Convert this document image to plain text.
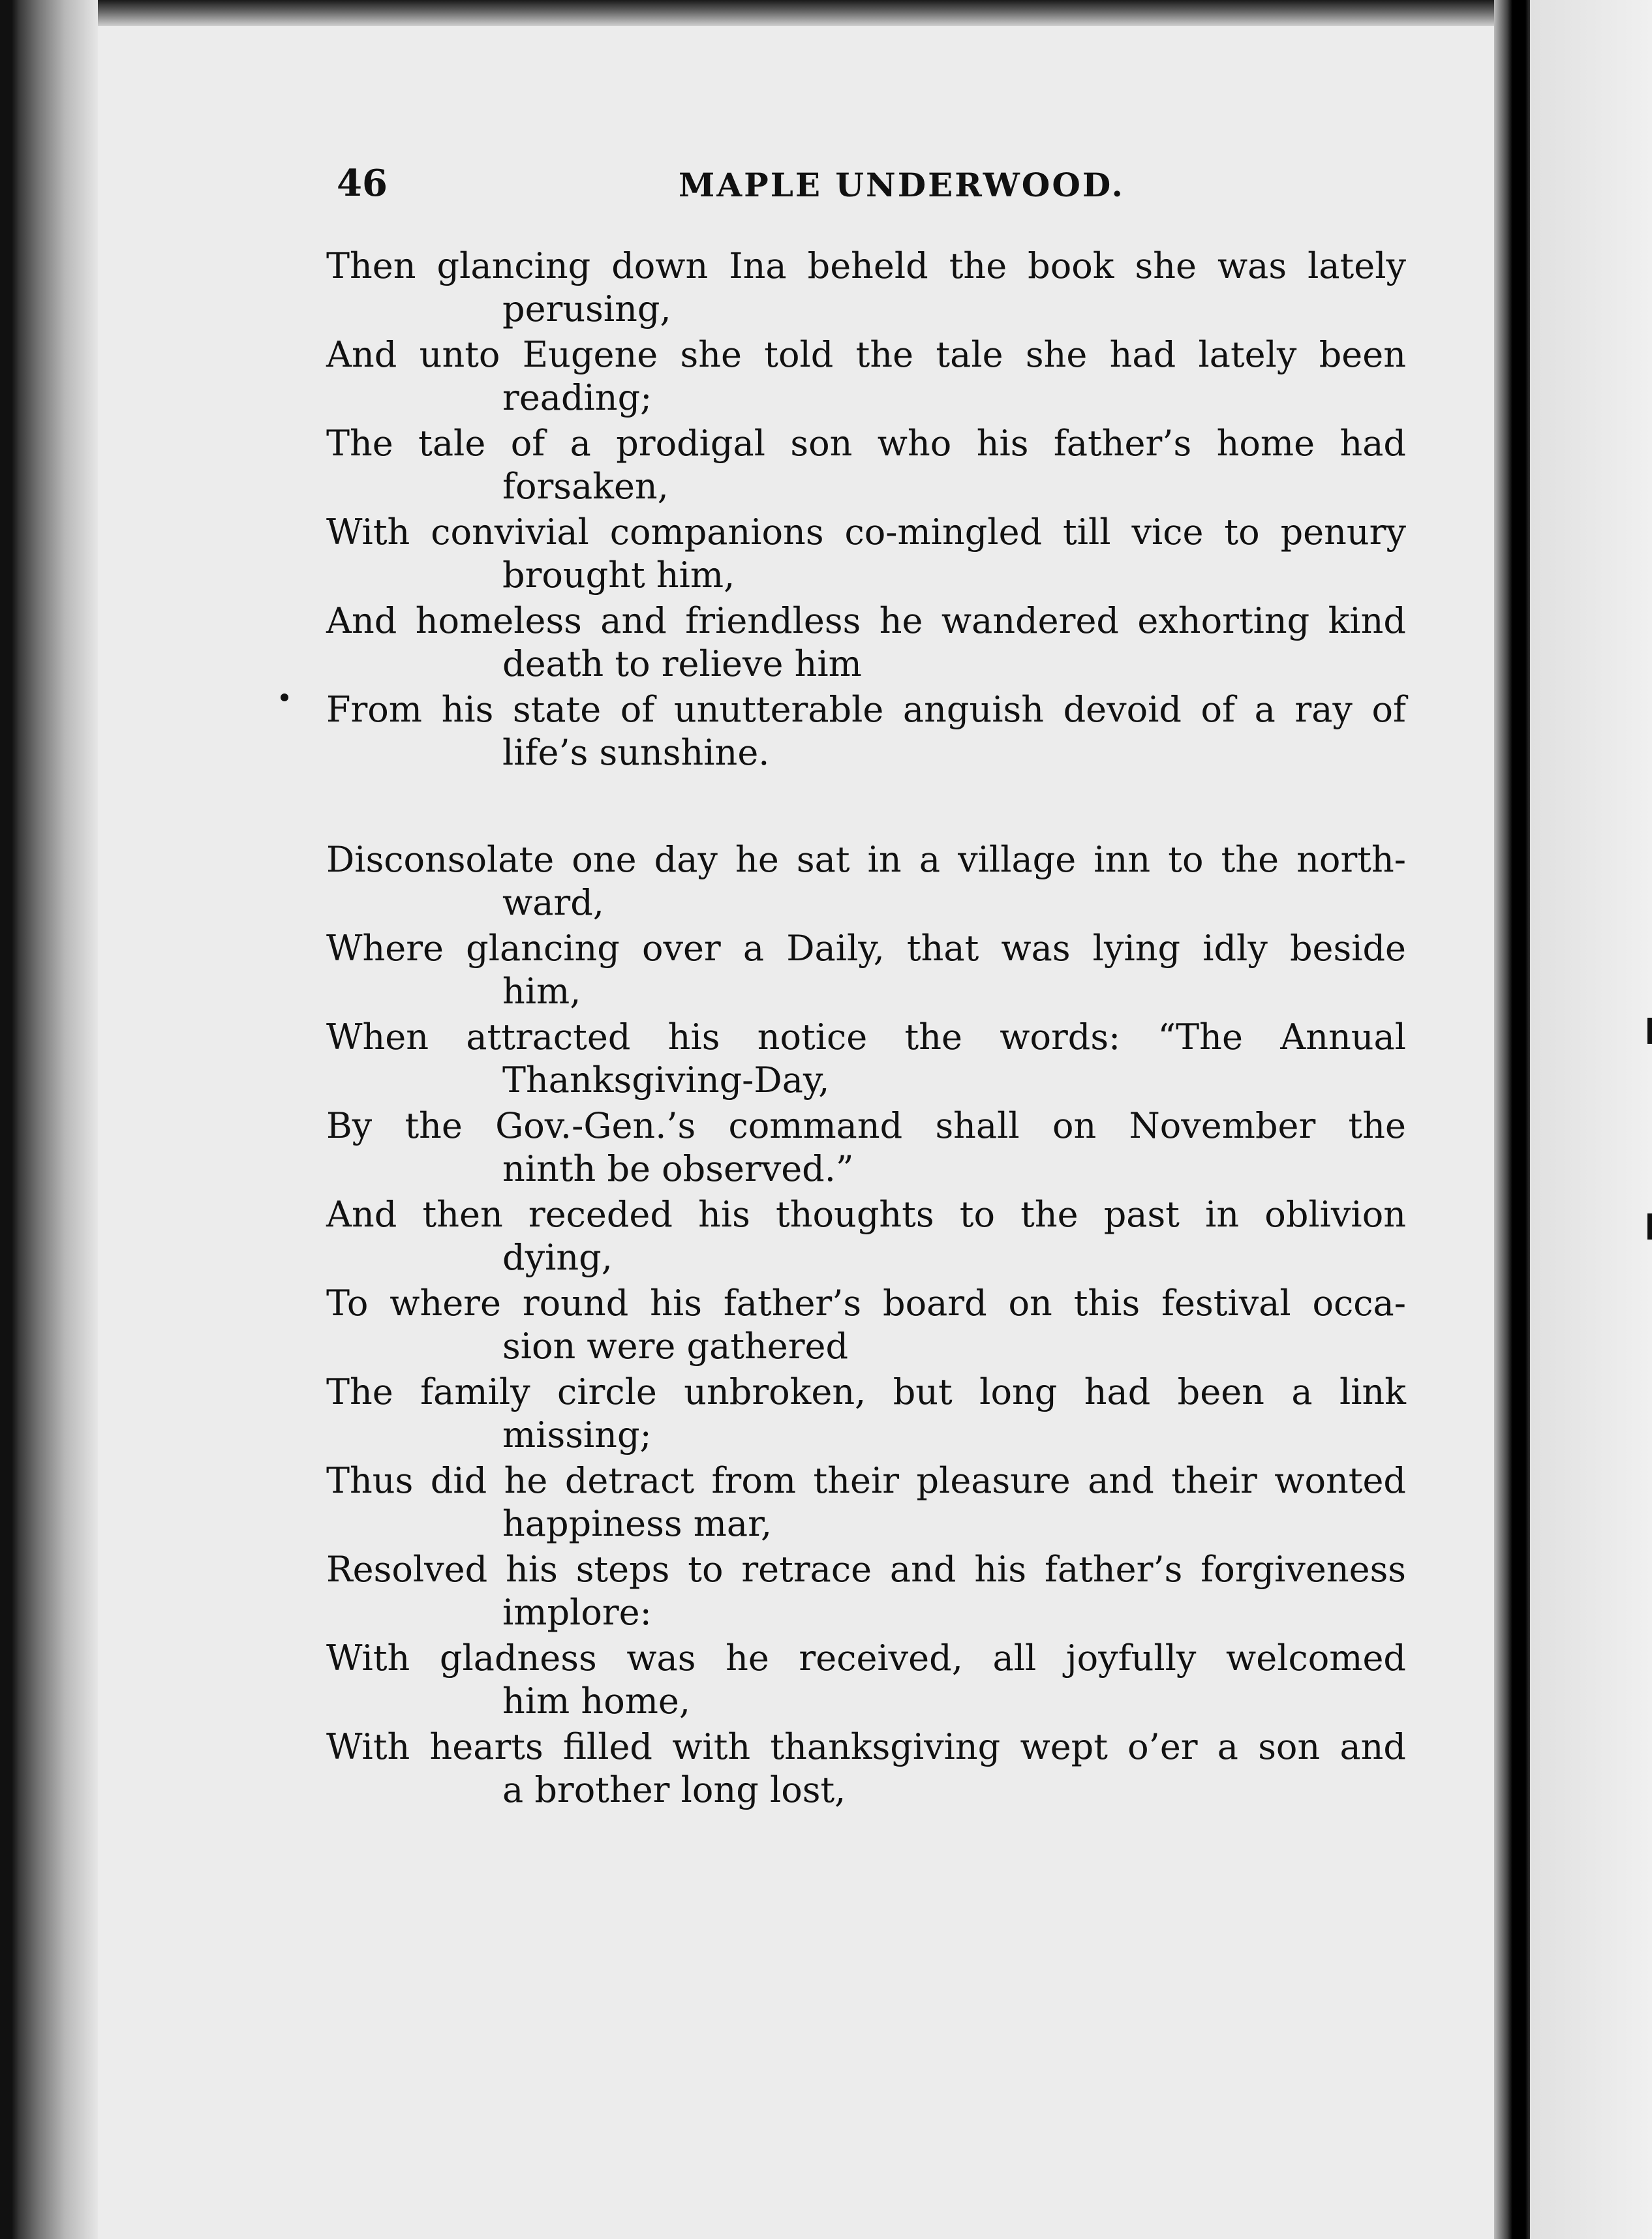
46	MAPLE UNDERWOOD.
Then glancing down Ina beheld the book she was lately
perusing,
And unto Eugene she told the tale she had lately been
reading;
The tale of a prodigal son who his father’s home had
forsaken,
With convivial companions co-mingled till vice to penury
brought him,
And homeless and friendless he wandered exhorting kind
death to relieve him
From his state of unutterable anguish devoid of a ray of
life’s sunshine.
Disconsolate one day he sat in a village inn to the north-
ward,
Where glancing over a Daily, that was lying idly beside
him,
When attracted his notice the words: “The Annual
Thanksgiving-Day,
By the Gov.-Gen.’s command shall on November the
ninth be observed.”
And then receded his thoughts to the past in oblivion
dying,
To where round his father’s board on this festival occa-
sion were gathered
The family circle unbroken, but long had been a link
missing;
Thus did he detract from their pleasure and their wonted
happiness mar,
Resolved his steps to retrace and his father’s forgiveness
implore:
With gladness was he received, all joyfully welcomed
him home,
With hearts filled with thanksgiving wept o’er a son and
a brother long lost,
